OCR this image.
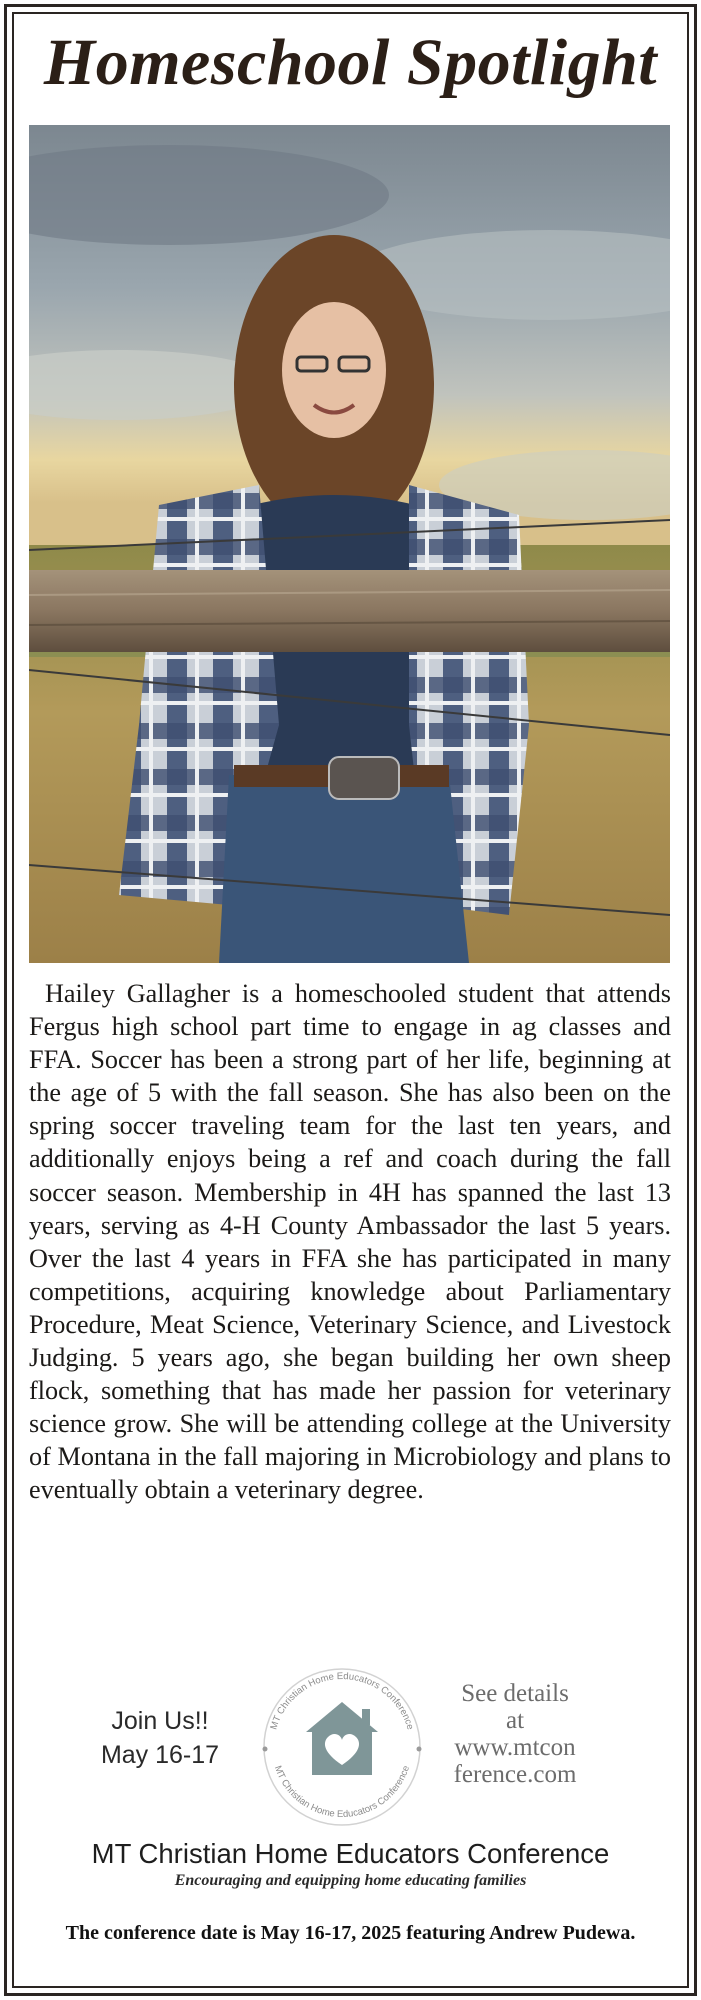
Homeschool Spotlight

Hailey Gallagher is a homeschooled student that attends Fergus high school part time to engage in ag classes and FFA. Soccer has been a strong part of her life, beginning at the age of 5 with the fall season. She has also been on the spring soccer traveling team for the last ten years, and additionally enjoys being a ref and coach during the fall soccer season. Membership in 4H has spanned the last 13 years, serving as 4-H County Ambassador the last 5 years. Over the last 4 years in FFA she has participated in many competitions, acquiring knowledge about Parliamentary Procedure, Meat Science, Veterinary Science, and Livestock Judging. 5 years ago, she began building her own sheep flock, something that has made her passion for veterinary science grow. She will be attending college at the University of Montana in the fall majoring in Microbiology and plans to eventually obtain a veterinary degree.

Join Us!!
May 16-17
MT Christian Home Educators Conference
MT Christian Home Educators Conference
See details
at
www.mtcon
ference.com
MT Christian Home Educators Conference
Encouraging and equipping home educating families

The conference date is May 16-17, 2025 featuring Andrew Pudewa.
